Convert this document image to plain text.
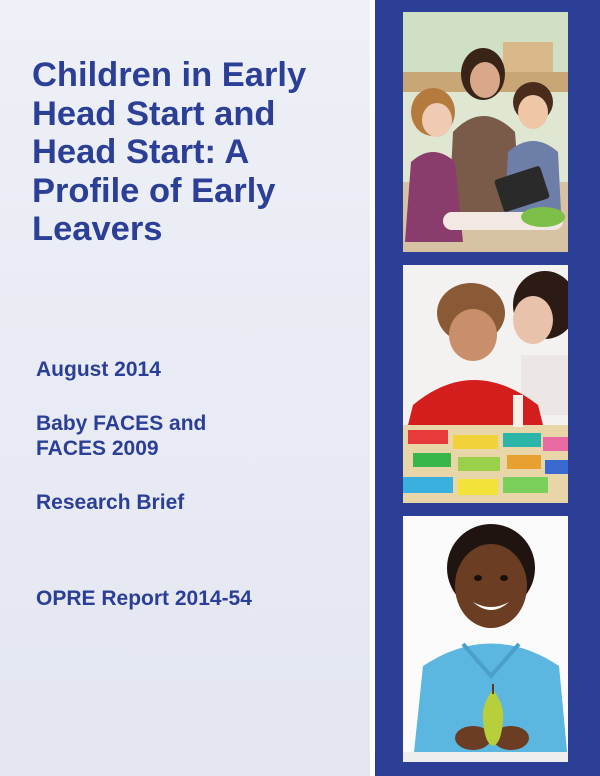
Children in Early
Head Start and
Head Start: A
Profile of Early
Leavers

August 2014

Baby FACES and
FACES 2009

Research Brief

OPRE Report 2014-54
